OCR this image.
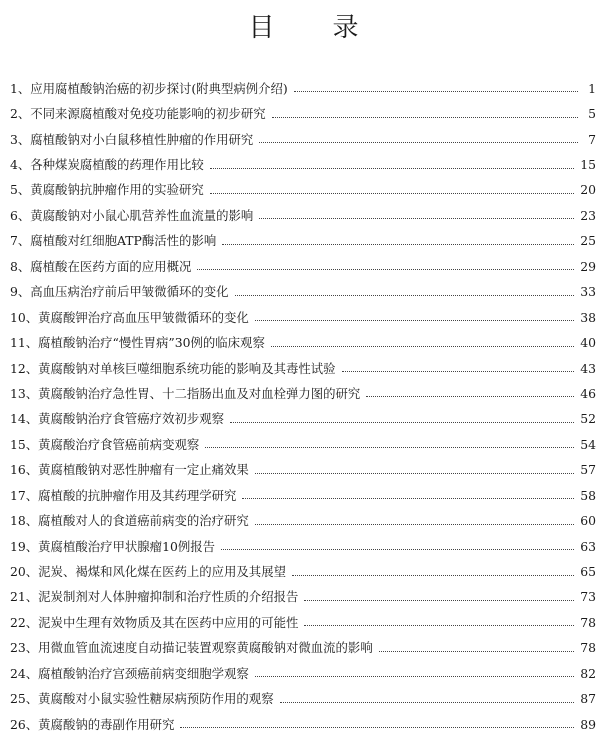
目　录
1、应用腐植酸钠治癌的初步探讨(附典型病例介绍)	1
2、不同来源腐植酸对免疫功能影响的初步研究	5
3、腐植酸钠对小白鼠移植性肿瘤的作用研究	7
4、各种煤炭腐植酸的药理作用比较	15
5、黄腐酸钠抗肿瘤作用的实验研究	20
6、黄腐酸钠对小鼠心肌营养性血流量的影响	23
7、腐植酸对红细胞ATP酶活性的影响	25
8、腐植酸在医药方面的应用概况	29
9、高血压病治疗前后甲皱微循环的变化	33
10、黄腐酸钾治疗高血压甲皱微循环的变化	38
11、腐植酸钠治疗“慢性胃病”30例的临床观察	40
12、黄腐酸钠对单核巨噬细胞系统功能的影响及其毒性试验	43
13、黄腐酸钠治疗急性胃、十二指肠出血及对血栓弹力图的研究	46
14、黄腐酸钠治疗食管癌疗效初步观察	52
15、黄腐酸治疗食管癌前病变观察	54
16、黄腐植酸钠对恶性肿瘤有一定止痛效果	57
17、腐植酸的抗肿瘤作用及其药理学研究	58
18、腐植酸对人的食道癌前病变的治疗研究	60
19、黄腐植酸治疗甲状腺瘤10例报告	63
20、泥炭、褐煤和风化煤在医药上的应用及其展望	65
21、泥炭制剂对人体肿瘤抑制和治疗性质的介绍报告	73
22、泥炭中生理有效物质及其在医药中应用的可能性	78
23、用微血管血流速度自动描记装置观察黄腐酸钠对微血流的影响	78
24、腐植酸钠治疗宫颈癌前病变细胞学观察	82
25、黄腐酸对小鼠实验性糖尿病预防作用的观察	87
26、黄腐酸钠的毒副作用研究	89
